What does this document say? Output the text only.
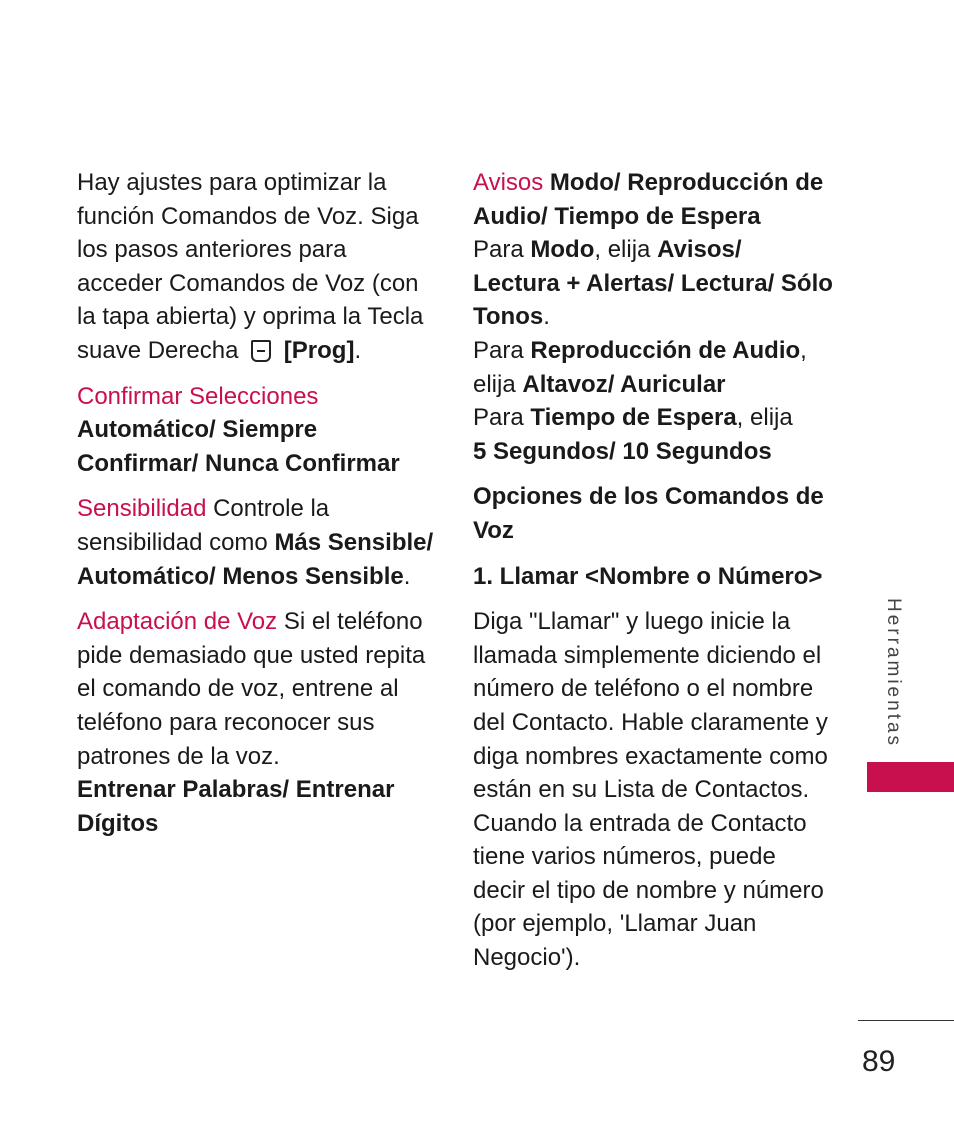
Hay ajustes para optimizar la función Comandos de Voz. Siga los pasos anteriores para acceder Comandos de Voz (con la tapa abierta) y oprima la Tecla suave Derecha [Prog].

Confirmar Selecciones
Automático/ Siempre Confirmar/ Nunca Confirmar

Sensibilidad Controle la sensibilidad como Más Sensible/ Automático/ Menos Sensible.

Adaptación de Voz Si el teléfono pide demasiado que usted repita el comando de voz, entrene al teléfono para reconocer sus patrones de la voz.
Entrenar Palabras/ Entrenar Dígitos

Avisos Modo/ Reproducción de Audio/ Tiempo de Espera
Para Modo, elija Avisos/ Lectura + Alertas/ Lectura/ Sólo Tonos.
Para Reproducción de Audio, elija Altavoz/ Auricular
Para Tiempo de Espera, elija
5 Segundos/ 10 Segundos

Opciones de los Comandos de Voz

1. Llamar <Nombre o Número>

Diga "Llamar" y luego inicie la llamada simplemente diciendo el número de teléfono o el nombre del Contacto. Hable claramente y diga nombres exactamente como están en su Lista de Contactos. Cuando la entrada de Contacto tiene varios números, puede decir el tipo de nombre y número (por ejemplo, 'Llamar Juan Negocio').

Herramientas
89
